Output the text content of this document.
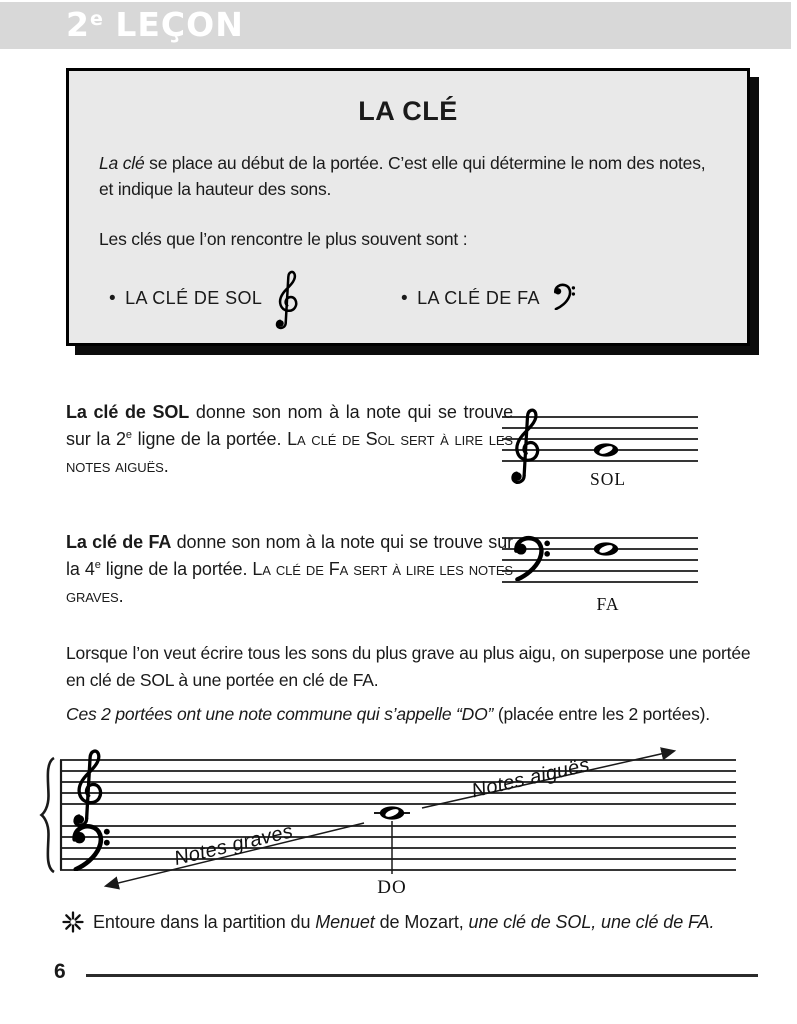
2e LEÇON
LA CLÉ
La clé se place au début de la portée. C’est elle qui détermine le nom des notes, et indique la hauteur des sons.
Les clés que l’on rencontre le plus souvent sont :
• LA CLÉ DE SOL	• LA CLÉ DE FA
La clé de SOL donne son nom à la note qui se trouve sur la 2e ligne de la portée. La clé de Sol sert à lire les notes aiguës.
SOL
La clé de FA donne son nom à la note qui se trouve sur la 4e ligne de la portée. La clé de Fa sert à lire les notes graves.	FA
Lorsque l’on veut écrire tous les sons du plus grave au plus aigu, on superpose une portée en clé de SOL à une portée en clé de FA.
Ces 2 portées ont une note commune qui s’appelle “DO” (placée entre les 2 portées).
DO
Notes graves
Notes aiguës
Entoure dans la partition du Menuet de Mozart, une clé de SOL, une clé de FA.
6
